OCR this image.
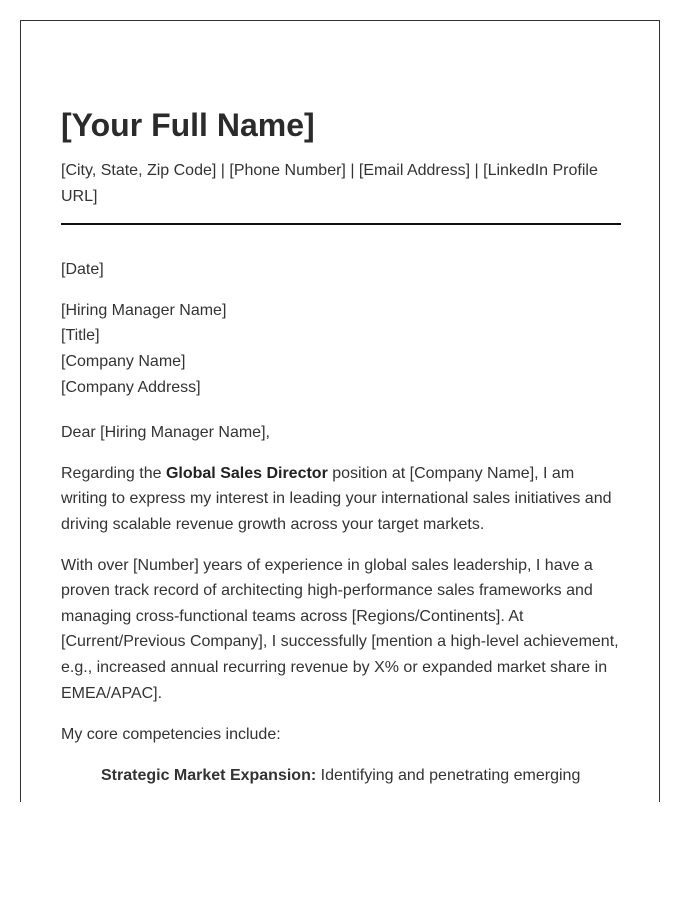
[Your Full Name]
[City, State, Zip Code] | [Phone Number] | [Email Address] | [LinkedIn Profile URL]
[Date]
[Hiring Manager Name]
[Title]
[Company Name]
[Company Address]
Dear [Hiring Manager Name],

Regarding the Global Sales Director position at [Company Name], I am writing to express my interest in leading your international sales initiatives and driving scalable revenue growth across your target markets.

With over [Number] years of experience in global sales leadership, I have a proven track record of architecting high-performance sales frameworks and managing cross-functional teams across [Regions/Continents]. At [Current/Previous Company], I successfully [mention a high-level achievement, e.g., increased annual recurring revenue by X% or expanded market share in EMEA/APAC].

My core competencies include:

Strategic Market Expansion: Identifying and penetrating emerging
